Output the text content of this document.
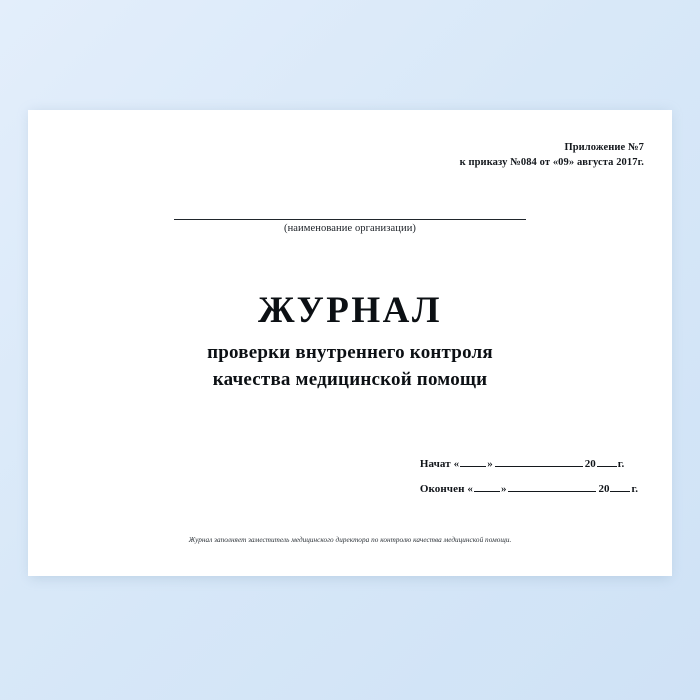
Приложение №7
к приказу №084 от «09» августа 2017г.
(наименование организации)
ЖУРНАЛ
проверки внутреннего контроля
качества медицинской помощи
Начат «	»	20 г.
Окончен «	»	20 г.
Журнал заполняет заместитель медицинского директора по контролю качества медицинской помощи.
